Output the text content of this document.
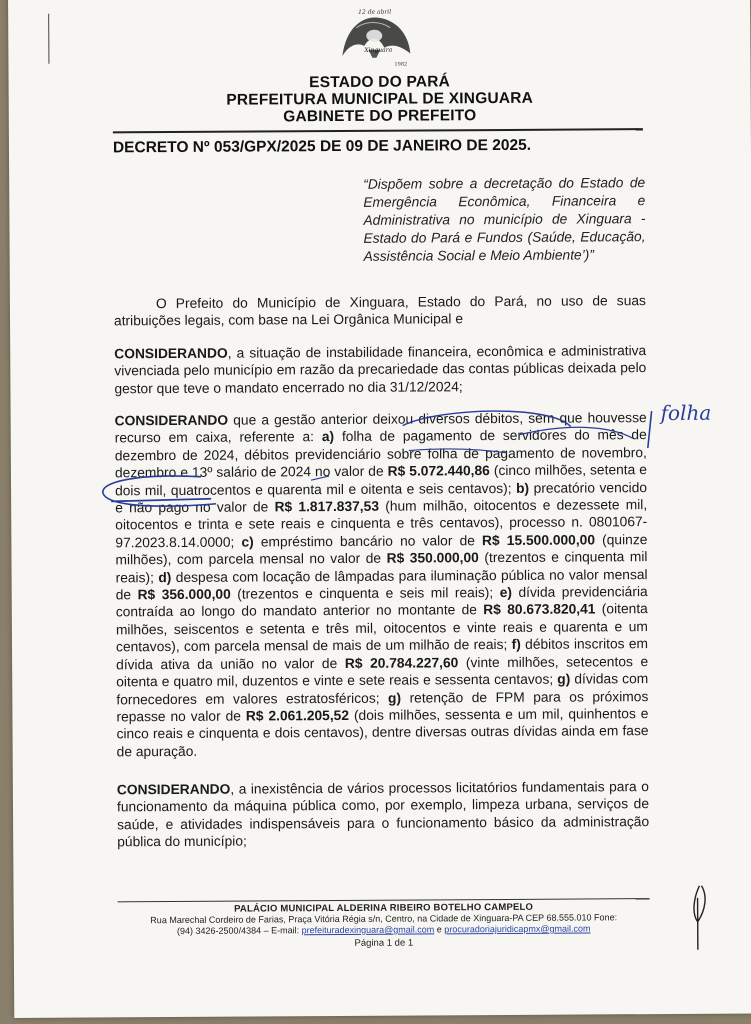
12 de abril
Xinguara
1982
ESTADO DO PARÁ
PREFEITURA MUNICIPAL DE XINGUARA
GABINETE DO PREFEITO
DECRETO Nº 053/GPX/2025 DE 09 DE JANEIRO DE 2025.
“Dispõem sobre a decretação do Estado de Emergência Econômica, Financeira e Administrativa no município de Xinguara - Estado do Pará e Fundos (Saúde, Educação, Assistência Social e Meio Ambiente’)”
O Prefeito do Município de Xinguara, Estado do Pará, no uso de suas atribuições legais, com base na Lei Orgânica Municipal e
CONSIDERANDO, a situação de instabilidade financeira, econômica e administrativa vivenciada pelo município em razão da precariedade das contas públicas deixada pelo gestor que teve o mandato encerrado no dia 31/12/2024;
CONSIDERANDO que a gestão anterior deixou diversos débitos, sem que houvesse recurso em caixa, referente a: a) folha de pagamento de servidores do mês de dezembro de 2024, débitos previdenciário sobre folha de pagamento de novembro, dezembro e 13º salário de 2024 no valor de R$ 5.072.440,86 (cinco milhões, setenta e dois mil, quatrocentos e quarenta mil e oitenta e seis centavos); b) precatório vencido e não pago no valor de R$ 1.817.837,53 (hum milhão, oitocentos e dezessete mil, oitocentos e trinta e sete reais e cinquenta e três centavos), processo n. 0801067-97.2023.8.14.0000; c) empréstimo bancário no valor de R$ 15.500.000,00 (quinze milhões), com parcela mensal no valor de R$ 350.000,00 (trezentos e cinquenta mil reais); d) despesa com locação de lâmpadas para iluminação pública no valor mensal de R$ 356.000,00 (trezentos e cinquenta e seis mil reais); e) dívida previdenciária contraída ao longo do mandato anterior no montante de R$ 80.673.820,41 (oitenta milhões, seiscentos e setenta e três mil, oitocentos e vinte reais e quarenta e um centavos), com parcela mensal de mais de um milhão de reais; f) débitos inscritos em dívida ativa da união no valor de R$ 20.784.227,60 (vinte milhões, setecentos e oitenta e quatro mil, duzentos e vinte e sete reais e sessenta centavos; g) dívidas com fornecedores em valores estratosféricos; g) retenção de FPM para os próximos repasse no valor de R$ 2.061.205,52 (dois milhões, sessenta e um mil, quinhentos e cinco reais e cinquenta e dois centavos), dentre diversas outras dívidas ainda em fase de apuração.
CONSIDERANDO, a inexistência de vários processos licitatórios fundamentais para o funcionamento da máquina pública como, por exemplo, limpeza urbana, serviços de saúde, e atividades indispensáveis para o funcionamento básico da administração pública do município;
folha
PALÁCIO MUNICIPAL ALDERINA RIBEIRO BOTELHO CAMPELO
Rua Marechal Cordeiro de Farias, Praça Vitória Régia s/n, Centro, na Cidade de Xinguara-PA CEP 68.555.010 Fone:
(94) 3426-2500/4384 – E-mail: prefeituradexinguara@gmail.com e procuradoriajuridicapmx@gmail.com
Página 1 de 1
